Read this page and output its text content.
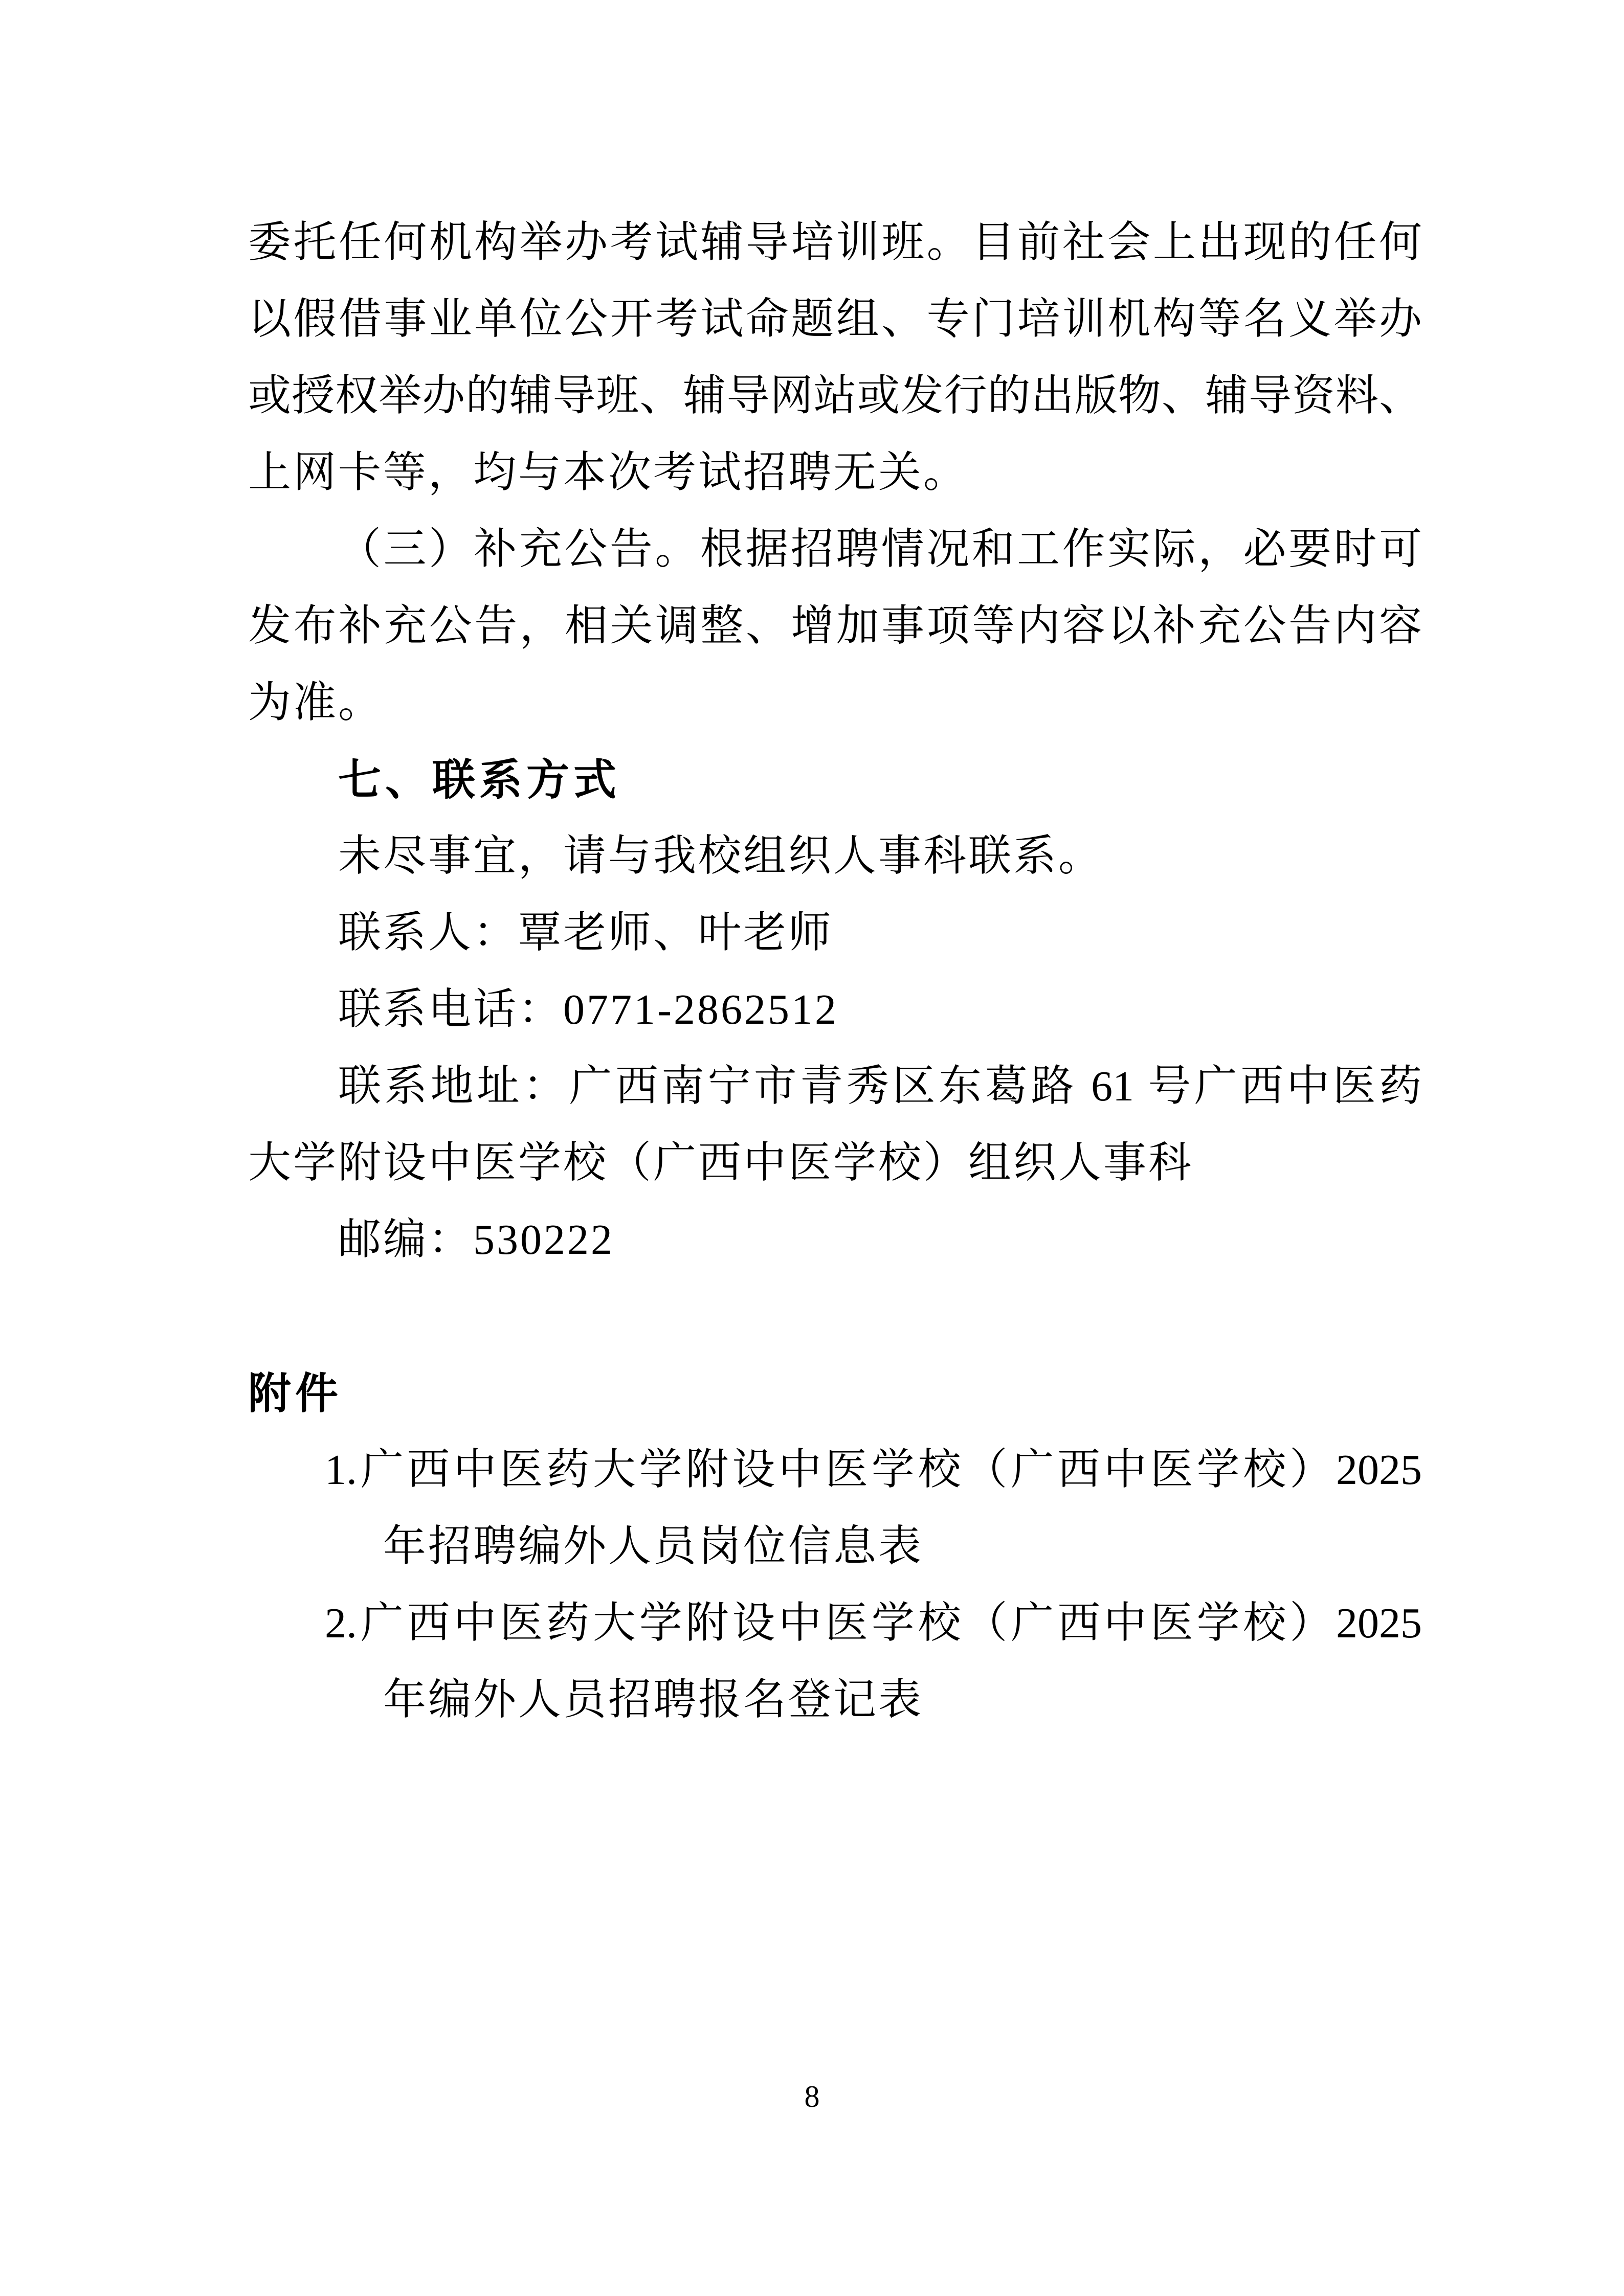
委托任何机构举办考试辅导培训班。目前社会上出现的任何
以假借事业单位公开考试命题组、专门培训机构等名义举办
或授权举办的辅导班、辅导网站或发行的出版物、辅导资料、
上网卡等，均与本次考试招聘无关。
（三）补充公告。根据招聘情况和工作实际，必要时可
发布补充公告，相关调整、增加事项等内容以补充公告内容
为准。
七、联系方式
未尽事宜，请与我校组织人事科联系。
联系人：覃老师、叶老师
联系电话：0771-2862512
联系地址：广西南宁市青秀区东葛路 61 号广西中医药
大学附设中医学校（广西中医学校）组织人事科
邮编：530222
附件
1.广西中医药大学附设中医学校（广西中医学校）2025
年招聘编外人员岗位信息表
2.广西中医药大学附设中医学校（广西中医学校）2025
年编外人员招聘报名登记表
8
